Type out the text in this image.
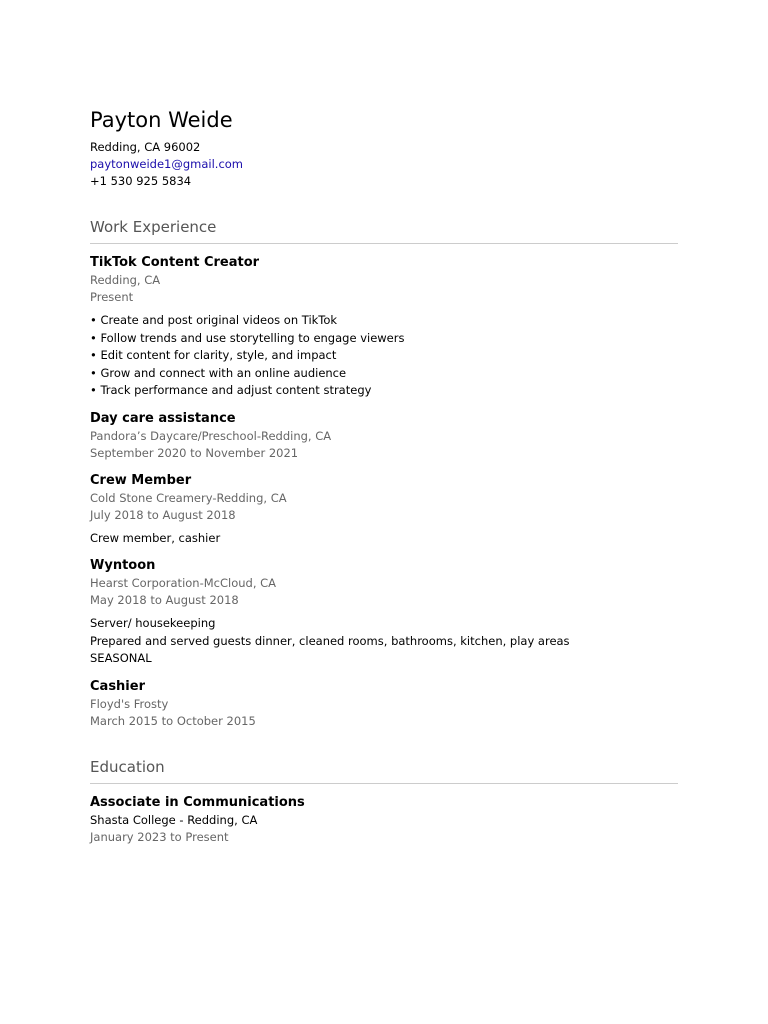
Payton Weide

Redding, CA 96002

paytonweide1@gmail.com

+1 530 925 5834

Work Experience
TikTok Content Creator

Redding, CA

Present

• Create and post original videos on TikTok

• Follow trends and use storytelling to engage viewers

• Edit content for clarity, style, and impact

• Grow and connect with an online audience

• Track performance and adjust content strategy

Day care assistance

Pandora’s Daycare/Preschool-Redding, CA

September 2020 to November 2021

Crew Member

Cold Stone Creamery-Redding, CA

July 2018 to August 2018

Crew member, cashier

Wyntoon

Hearst Corporation-McCloud, CA

May 2018 to August 2018

Server/ housekeeping

Prepared and served guests dinner, cleaned rooms, bathrooms, kitchen, play areas

SEASONAL

Cashier

Floyd's Frosty

March 2015 to October 2015

Education
Associate in Communications

Shasta College - Redding, CA

January 2023 to Present
